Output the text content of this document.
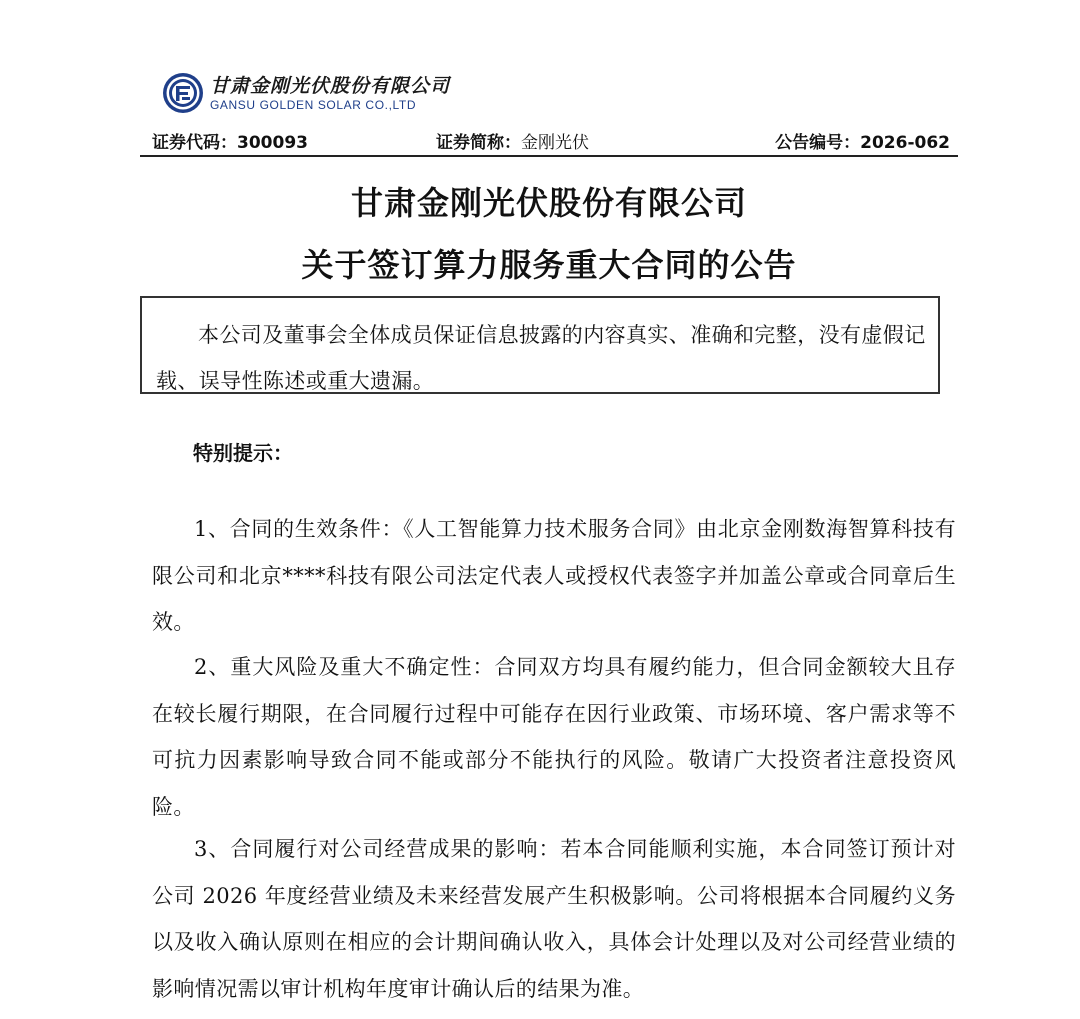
甘肃金刚光伏股份有限公司
GANSU GOLDEN SOLAR CO.,LTD
证券代码：300093	证券简称：金刚光伏	公告编号：2026-062
甘肃金刚光伏股份有限公司
关于签订算力服务重大合同的公告

本公司及董事会全体成员保证信息披露的内容真实、准确和完整，没有虚假记载、误导性陈述或重大遗漏。

特别提示：

1、合同的生效条件：《人工智能算力技术服务合同》由北京金刚数海智算科技有限公司和北京****科技有限公司法定代表人或授权代表签字并加盖公章或合同章后生效。

2、重大风险及重大不确定性：合同双方均具有履约能力，但合同金额较大且存在较长履行期限，在合同履行过程中可能存在因行业政策、市场环境、客户需求等不可抗力因素影响导致合同不能或部分不能执行的风险。敬请广大投资者注意投资风险。

3、合同履行对公司经营成果的影响：若本合同能顺利实施，本合同签订预计对公司 2026 年度经营业绩及未来经营发展产生积极影响。公司将根据本合同履约义务以及收入确认原则在相应的会计期间确认收入，具体会计处理以及对公司经营业绩的影响情况需以审计机构年度审计确认后的结果为准。
